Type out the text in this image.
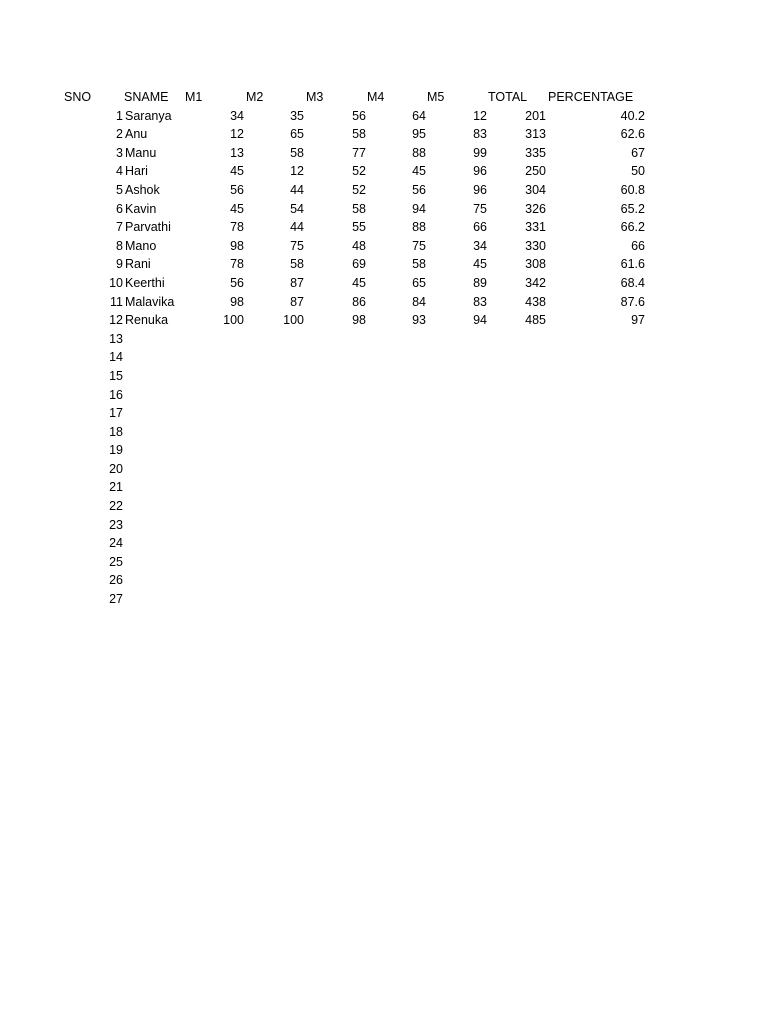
SNO	SNAME M1	M2	M3	M4	M5	TOTAL PERCENTAGE
1 Saranya	34	35	56	64	12	201	40.2
2 Anu	12	65	58	95	83	313	62.6
3 Manu	13	58	77	88	99	335	67
4 Hari	45	12	52	45	96	250	50
5 Ashok	56	44	52	56	96	304	60.8
6 Kavin	45	54	58	94	75	326	65.2
7 Parvathi	78	44	55	88	66	331	66.2
8 Mano	98	75	48	75	34	330	66
9 Rani	78	58	69	58	45	308	61.6
10 Keerthi	56	87	45	65	89	342	68.4
11 Malavika	98	87	86	84	83	438	87.6
12 Renuka	100	100	98	93	94	485	97
13
14
15
16
17
18
19
20
21
22
23
24
25
26
27
